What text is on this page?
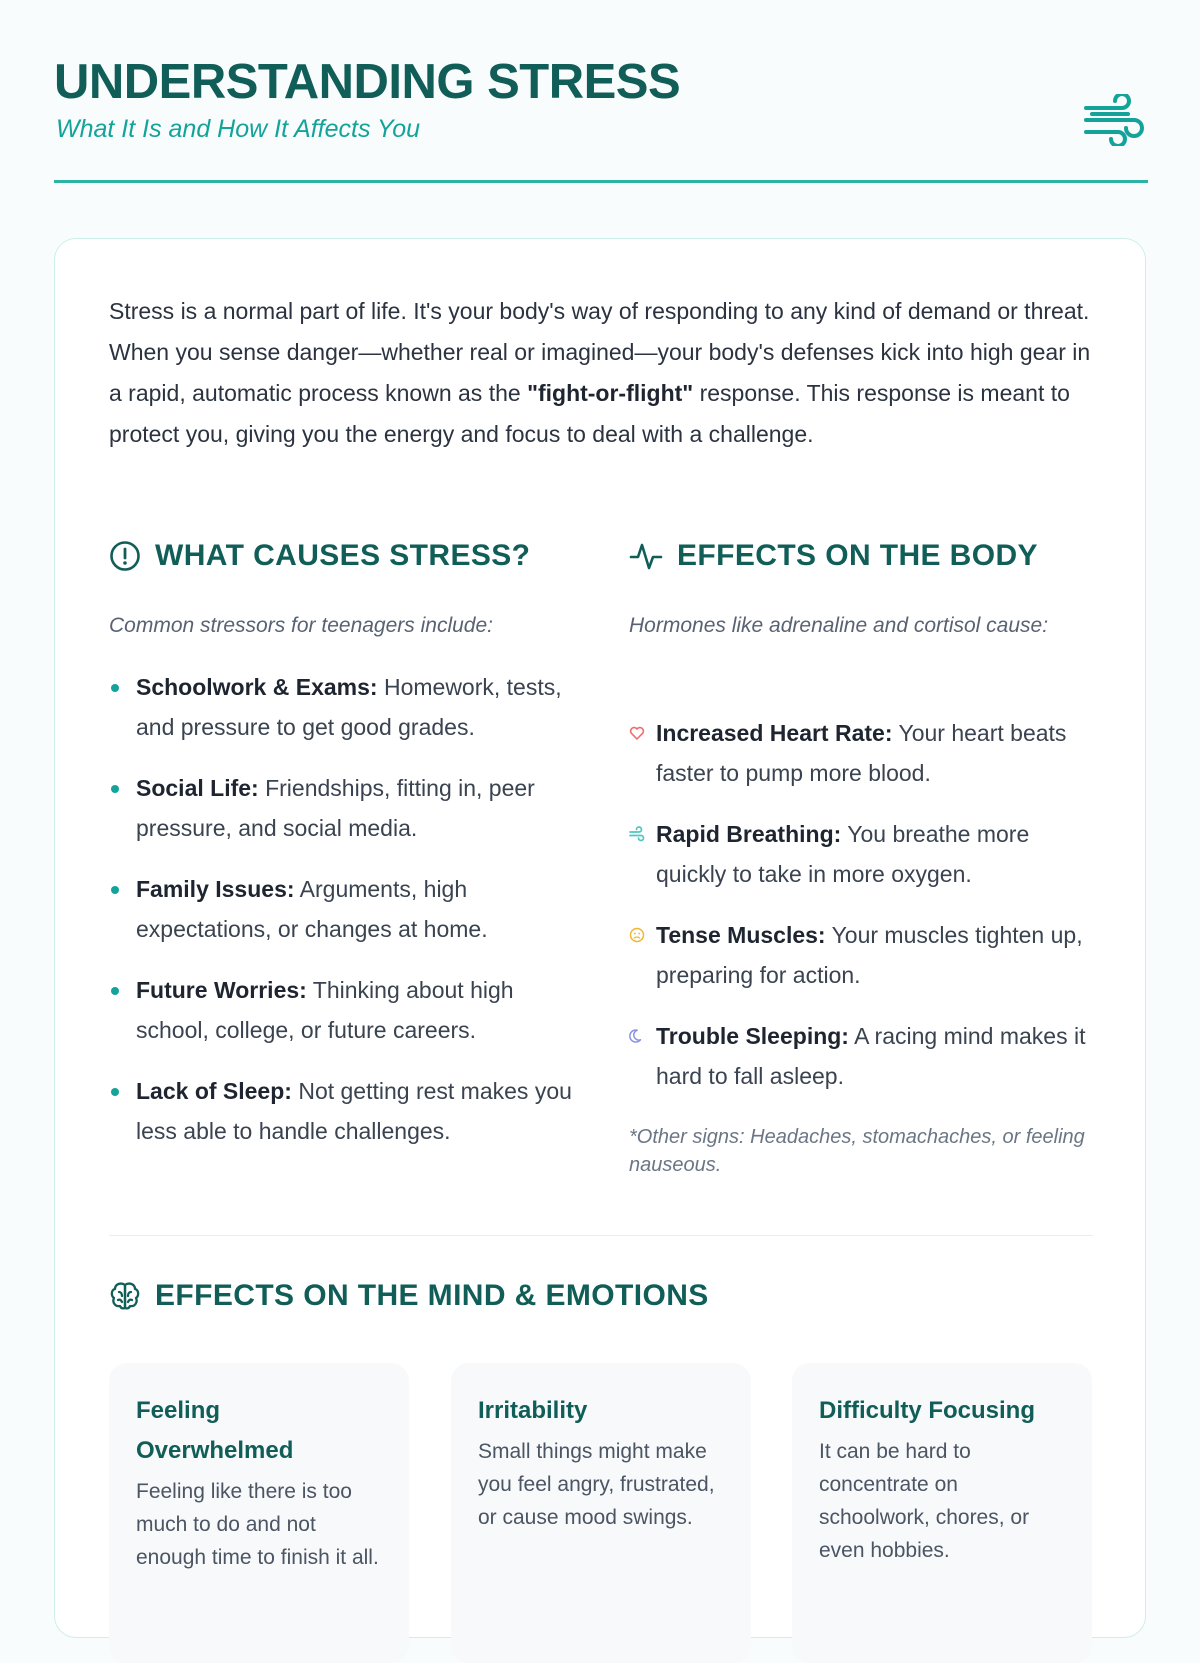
UNDERSTANDING STRESS
What It Is and How It Affects You

Stress is a normal part of life. It's your body's way of responding to any kind of demand or threat. When you sense danger—whether real or imagined—your body's defenses kick into high gear in a rapid, automatic process known as the "fight-or-flight" response. This response is meant to protect you, giving you the energy and focus to deal with a challenge.

WHAT CAUSES STRESS?

Common stressors for teenagers include:

Schoolwork & Exams: Homework, tests, and pressure to get good grades.
Social Life: Friendships, fitting in, peer pressure, and social media.
Family Issues: Arguments, high expectations, or changes at home.
Future Worries: Thinking about high school, college, or future careers.
Lack of Sleep: Not getting rest makes you less able to handle challenges.
EFFECTS ON THE BODY

Hormones like adrenaline and cortisol cause:

Increased Heart Rate: Your heart beats faster to pump more blood.
Rapid Breathing: You breathe more quickly to take in more oxygen.
Tense Muscles: Your muscles tighten up, preparing for action.
Trouble Sleeping: A racing mind makes it hard to fall asleep.

*Other signs: Headaches, stomachaches, or feeling nauseous.

EFFECTS ON THE MIND & EMOTIONS
Feeling Overwhelmed

Feeling like there is too much to do and not enough time to finish it all.

Irritability

Small things might make you feel angry, frustrated, or cause mood swings.

Difficulty Focusing

It can be hard to concentrate on schoolwork, chores, or even hobbies.
